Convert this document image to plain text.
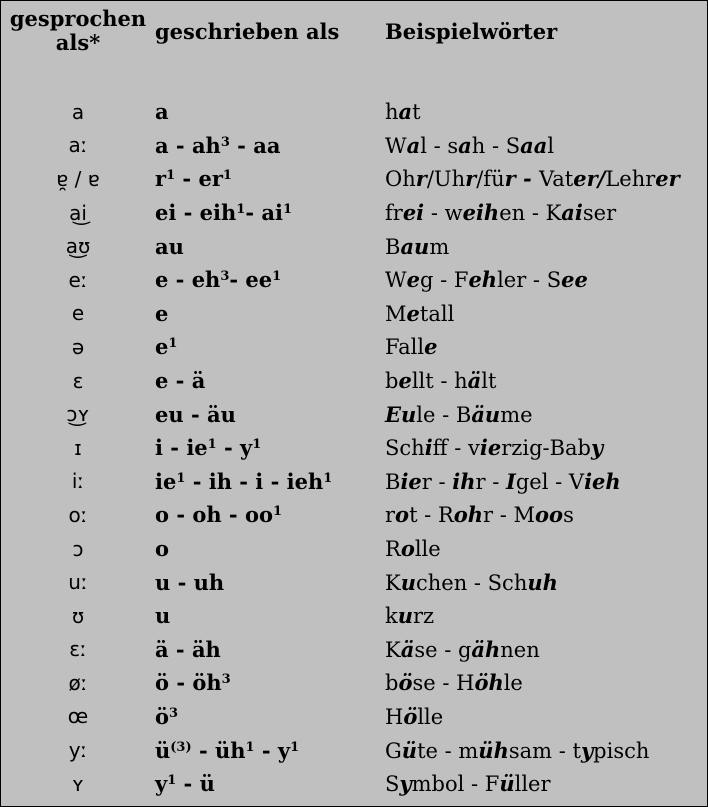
gesprochen als*	geschrieben als	Beispielwörter
a	a	hat
aː	a - $ah^3$ - aa	Wal - sah - Saal
ɐ̯ / ɐ	$r^1 - er^1$	Ohr/Uhr/für - Vater/Lehrer
a͜i	ei - eih$^1$- $ai^1$	frei - weihen - Kaiser
a͜ʊ	au	Baum
eː	e - $eh^3-$ $ee^1$	Weg - Fehler - See
e	e	Metall
ə	$e^1$	Falle
ɛ	e - ä	bellt - hält
ɔ͜ʏ	eu - äu	Eule - Bäume
ɪ	i - $ie^1 - y^1$	Schiff - vierzig-Baby
iː	$ie^1$ - ih - i - ieh$^1$	Bier - ihr - Igel - Vieh
oː	o - oh - $oo^1$	rot - Rohr - Moos
ɔ	o	Rolle
uː	u - uh	Kuchen - Schuh
ʊ	u	kurz
ɛː	ä - äh	Käse - gähnen
øː	ö - $öh^3$	böse - Höhle
œ	$ö^3$	Hölle
yː	$ü^{(3)}$ - $üh^1 - y^1$	Güte - mühsam - typisch
ʏ	$y^1$ - ü	Symbol - Füller
